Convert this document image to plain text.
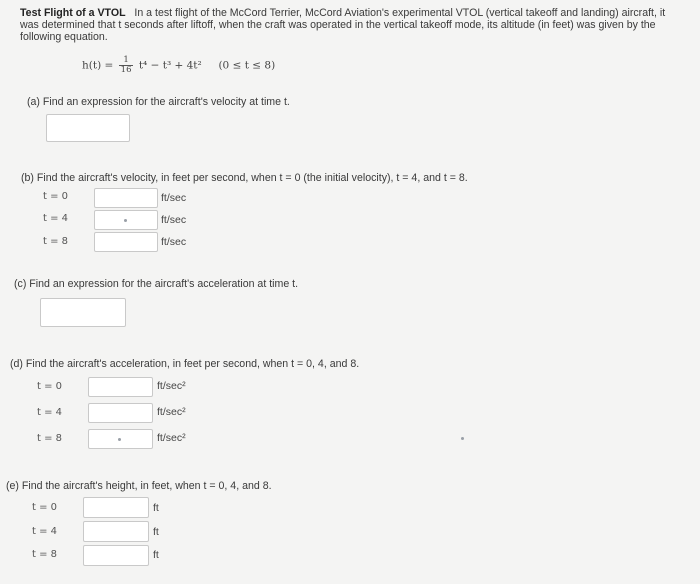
Test Flight of a VTOL In a test flight of the McCord Terrier, McCord Aviation's experimental VTOL (vertical takeoff and landing) aircraft, it was determined that t seconds after liftoff, when the craft was operated in the vertical takeoff mode, its altitude (in feet) was given by the following equation.
$h(t) = \frac{1}{16} t^4 - t^3 + 4t^2$ (0 ≤ t ≤ 8)
(a) Find an expression for the aircraft's velocity at time t.
(b) Find the aircraft's velocity, in feet per second, when t = 0 (the initial velocity), t = 4, and t = 8.
t = 0	ft/sec
t = 4	ft/sec
t = 8	ft/sec
(c) Find an expression for the aircraft's acceleration at time t.
(d) Find the aircraft's acceleration, in feet per second, when t = 0, 4, and 8.
t = 0	ft/sec²
t = 4	ft/sec²
t = 8	ft/sec²
(e) Find the aircraft's height, in feet, when t = 0, 4, and 8.
t = 0	ft
t = 4	ft
t = 8	ft
